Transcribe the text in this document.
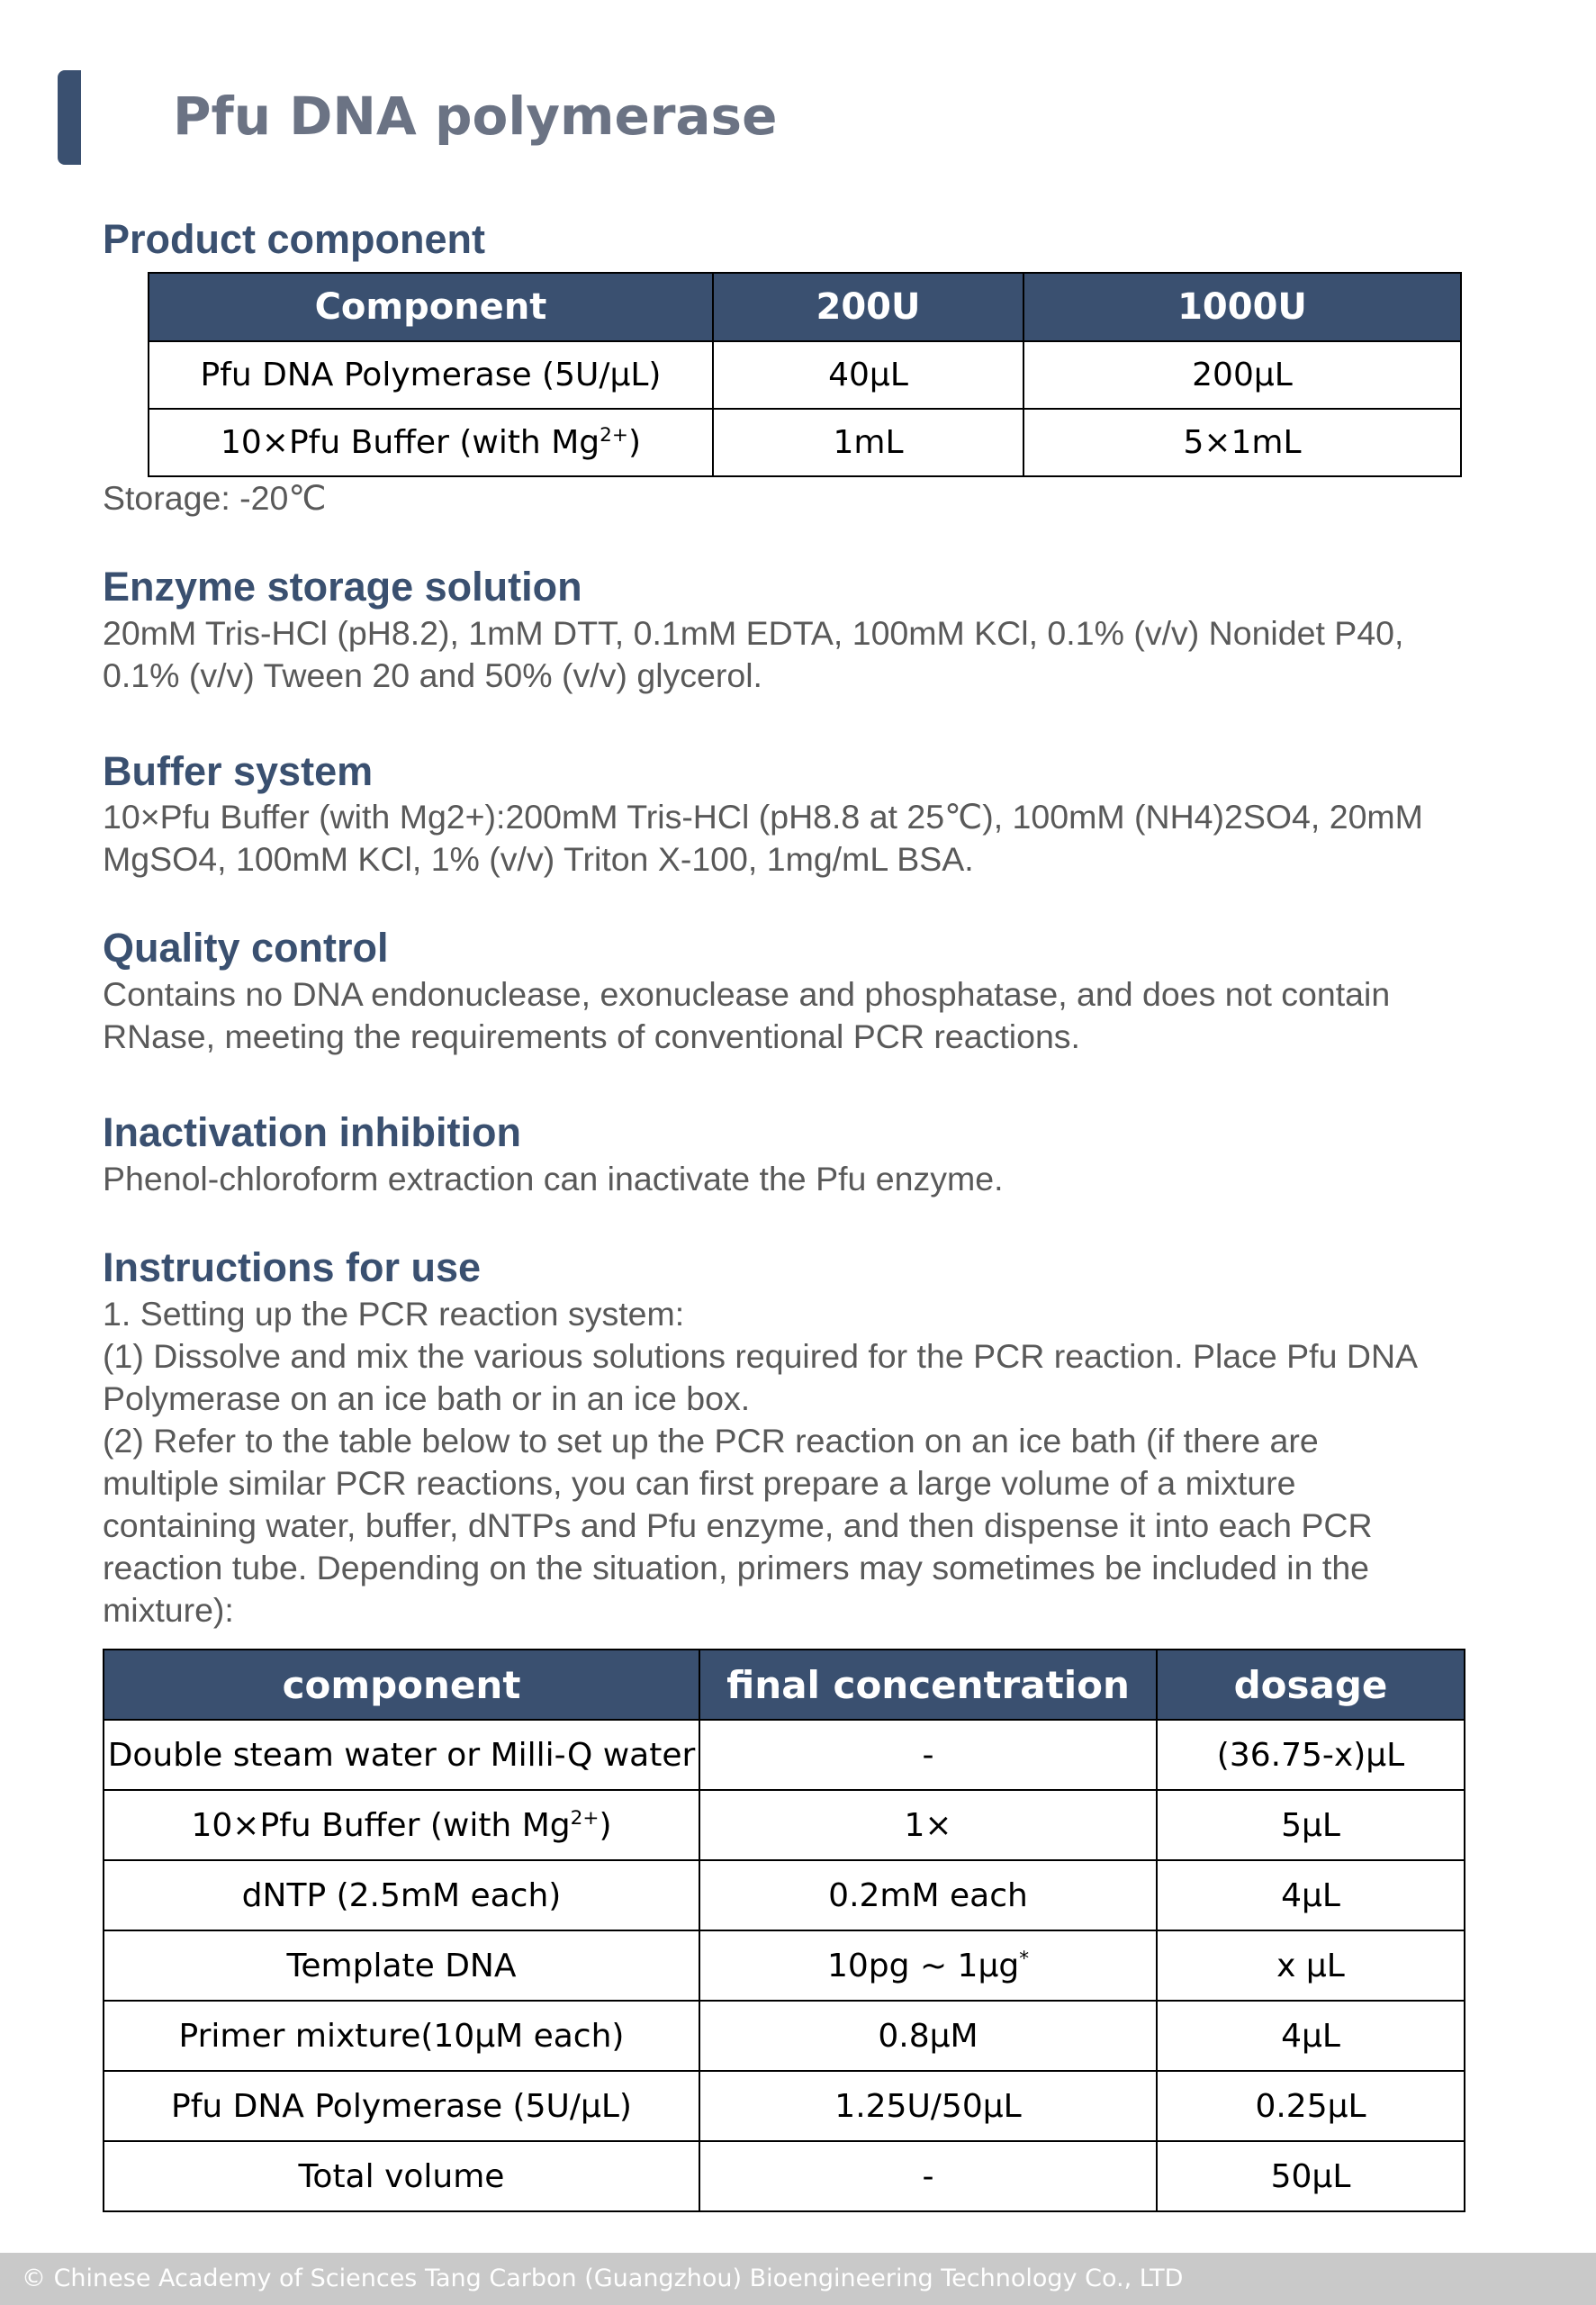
Pfu DNA polymerase
Product component
Component	200U	1000U
Pfu DNA Polymerase (5U/μL)	40μL	200μL
10×Pfu Buffer (with $Mg^{2+}$)	1mL	5×1mL

Storage: -20℃

Enzyme storage solution

20mM Tris-HCl (pH8.2), 1mM DTT, 0.1mM EDTA, 100mM KCl, 0.1% (v/v) Nonidet P40,
0.1% (v/v) Tween 20 and 50% (v/v) glycerol.

Buffer system

10×Pfu Buffer (with Mg2+):200mM Tris-HCl (pH8.8 at 25℃), 100mM (NH4)2SO4, 20mM
MgSO4, 100mM KCl, 1% (v/v) Triton X-100, 1mg/mL BSA.

Quality control

Contains no DNA endonuclease, exonuclease and phosphatase, and does not contain
RNase, meeting the requirements of conventional PCR reactions.

Inactivation inhibition

Phenol-chloroform extraction can inactivate the Pfu enzyme.

Instructions for use

1. Setting up the PCR reaction system:
(1) Dissolve and mix the various solutions required for the PCR reaction. Place Pfu DNA
Polymerase on an ice bath or in an ice box.
(2) Refer to the table below to set up the PCR reaction on an ice bath (if there are
multiple similar PCR reactions, you can first prepare a large volume of a mixture
containing water, buffer, dNTPs and Pfu enzyme, and then dispense it into each PCR
reaction tube. Depending on the situation, primers may sometimes be included in the
mixture):

component	final concentration	dosage
Double steam water or Milli-Q water	-	(36.75-x)μL
10×Pfu Buffer (with $Mg^{2+}$)	1×	5μL
dNTP (2.5mM each)	0.2mM each	4μL
Template DNA	10pg ~ 1μg*	x μL
Primer mixture(10μM each)	0.8μM	4μL
Pfu DNA Polymerase (5U/μL)	1.25U/50μL	0.25μL
Total volume	-	50μL
© Chinese Academy of Sciences Tang Carbon (Guangzhou) Bioengineering Technology Co., LTD
